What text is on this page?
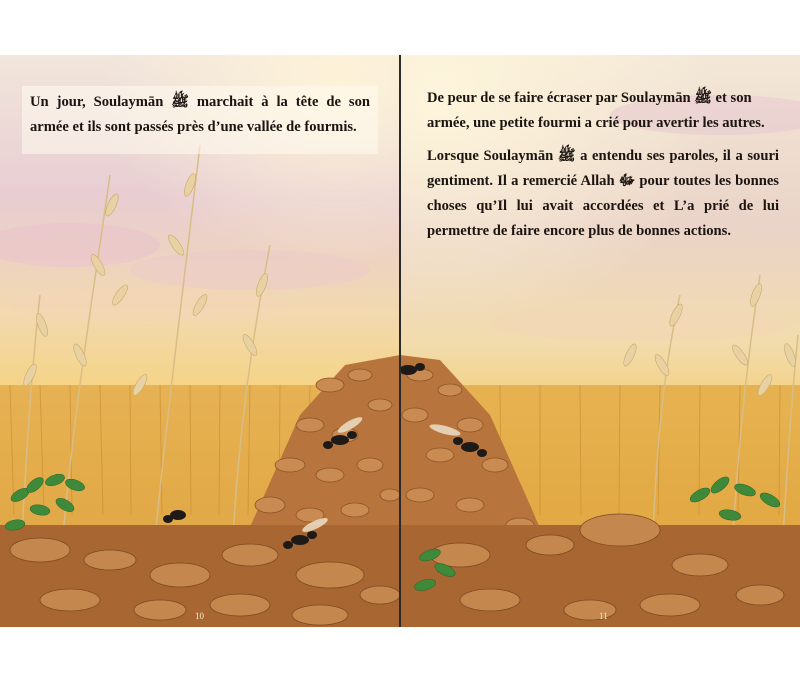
Un jour, Soulaymān ﷺ marchait à la tête de son armée et ils sont passés près d’une vallée de fourmis.

10

De peur de se faire écraser par Soulaymān ﷺ et son armée, une petite fourmi a crié pour avertir les autres.

Lorsque Soulaymān ﷺ a entendu ses paroles, il a souri gentiment. Il a remercié Allah ﷻ pour toutes les bonnes choses qu’Il lui avait accordées et L’a prié de lui permettre de faire encore plus de bonnes actions.

11
